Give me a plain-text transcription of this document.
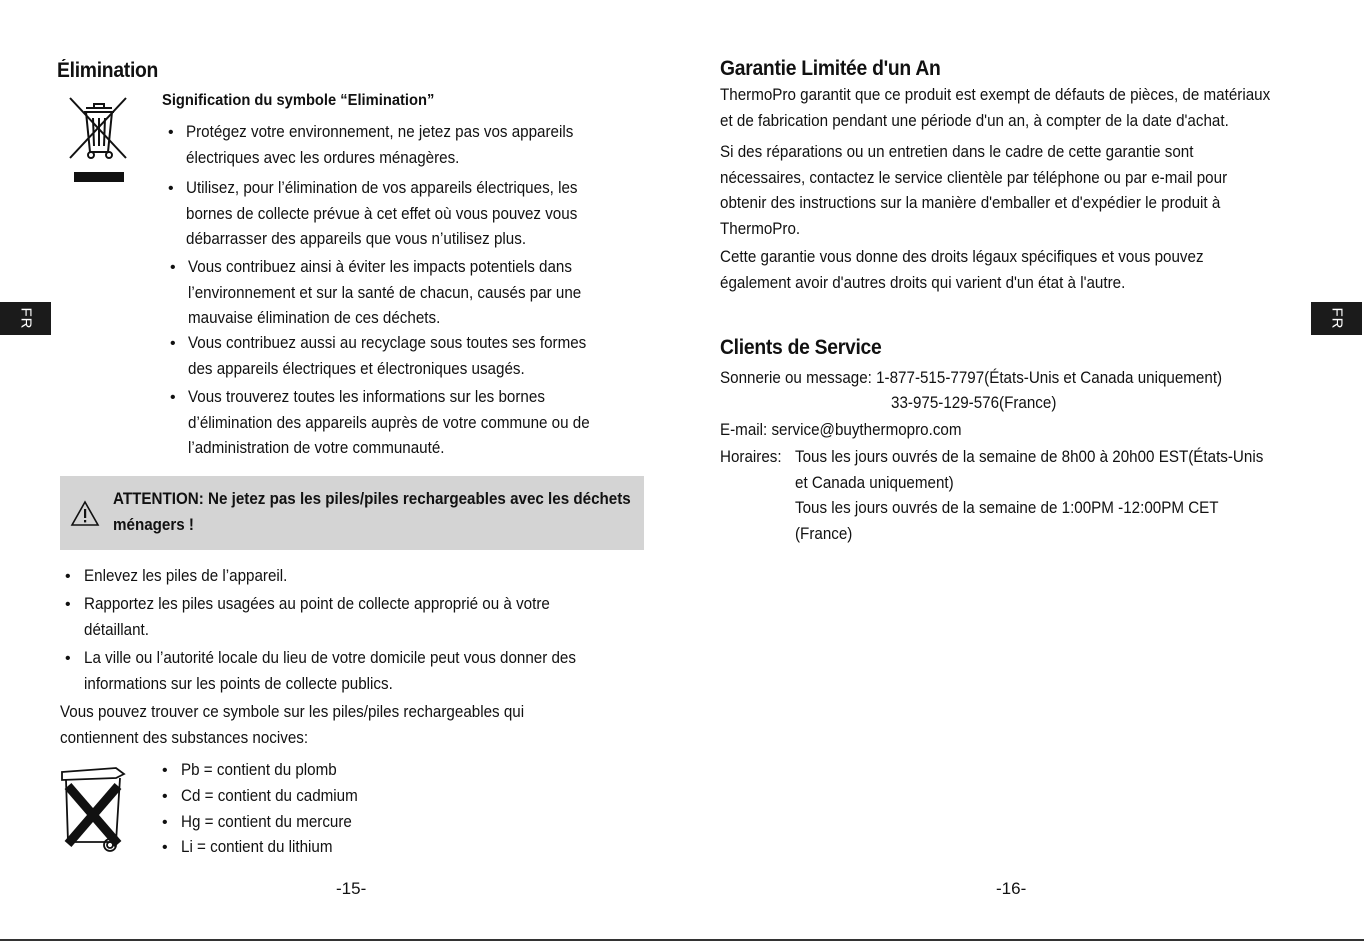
Élimination
Signification du symbole “Elimination”
• Protégez votre environnement, ne jetez pas vos appareils
électriques avec les ordures ménagères.
• Utilisez, pour l’élimination de vos appareils électriques, les
bornes de collecte prévue à cet effet où vous pouvez vous
débarrasser des appareils que vous n’utilisez plus.
• Vous contribuez ainsi à éviter les impacts potentiels dans
l’environnement et sur la santé de chacun, causés par une
mauvaise élimination de ces déchets.
• Vous contribuez aussi au recyclage sous toutes ses formes
des appareils électriques et électroniques usagés.
• Vous trouverez toutes les informations sur les bornes
d’élimination des appareils auprès de votre commune ou de
l’administration de votre communauté.
ATTENTION: Ne jetez pas les piles/piles rechargeables avec les déchets
ménagers !
• Enlevez les piles de l’appareil.
• Rapportez les piles usagées au point de collecte approprié ou à votre
détaillant.
• La ville ou l’autorité locale du lieu de votre domicile peut vous donner des
informations sur les points de collecte publics.
Vous pouvez trouver ce symbole sur les piles/piles rechargeables qui
contiennent des substances nocives:
• Pb = contient du plomb
• Cd = contient du cadmium
• Hg = contient du mercure
• Li = contient du lithium
-15-
FR
Garantie Limitée d'un An
ThermoPro garantit que ce produit est exempt de défauts de pièces, de matériaux
et de fabrication pendant une période d'un an, à compter de la date d'achat.
Si des réparations ou un entretien dans le cadre de cette garantie sont
nécessaires, contactez le service clientèle par téléphone ou par e-mail pour
obtenir des instructions sur la manière d'emballer et d'expédier le produit à
ThermoPro.
Cette garantie vous donne des droits légaux spécifiques et vous pouvez
également avoir d'autres droits qui varient d'un état à l'autre.
Clients de Service
Sonnerie ou message: 1-877-515-7797(États-Unis et Canada uniquement)
33-975-129-576(France)
E-mail: service@buythermopro.com
Horaires: Tous les jours ouvrés de la semaine de 8h00 à 20h00 EST(États-Unis
et Canada uniquement)
Tous les jours ouvrés de la semaine de 1:00PM -12:00PM CET
(France)
-16-
FR
